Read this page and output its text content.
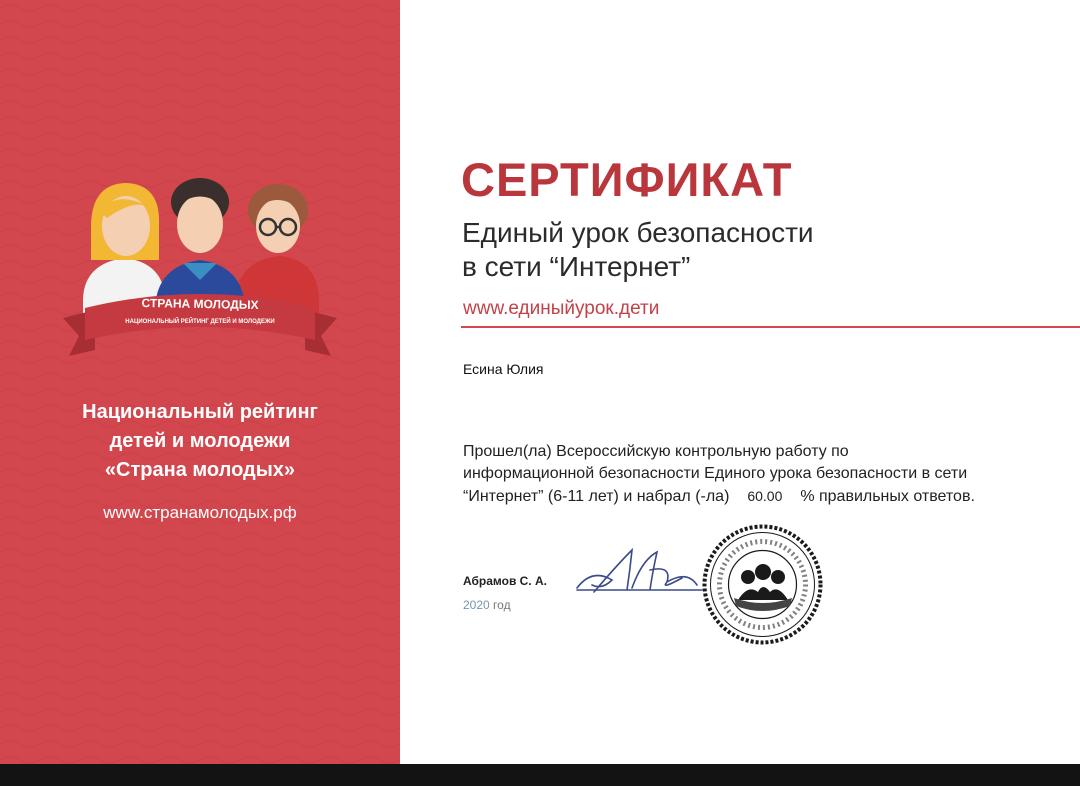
СТРАНА МОЛОДЫХ
НАЦИОНАЛЬНЫЙ РЕЙТИНГ ДЕТЕЙ И МОЛОДЕЖИ
Национальный рейтинг
детей и молодежи
«Страна молодых»
www.странамолодых.рф
СЕРТИФИКАТ
Единый урок безопасности
в сети “Интернет”
www.единыйурок.дети
Есина Юлия
Прошел(ла) Всероссийскую контрольную работу по
информационной безопасности Единого урока безопасности в сети
“Интернет” (6-11 лет) и набрал (-ла) 60.00 % правильных ответов.
Абрамов С. А.
2020 год
